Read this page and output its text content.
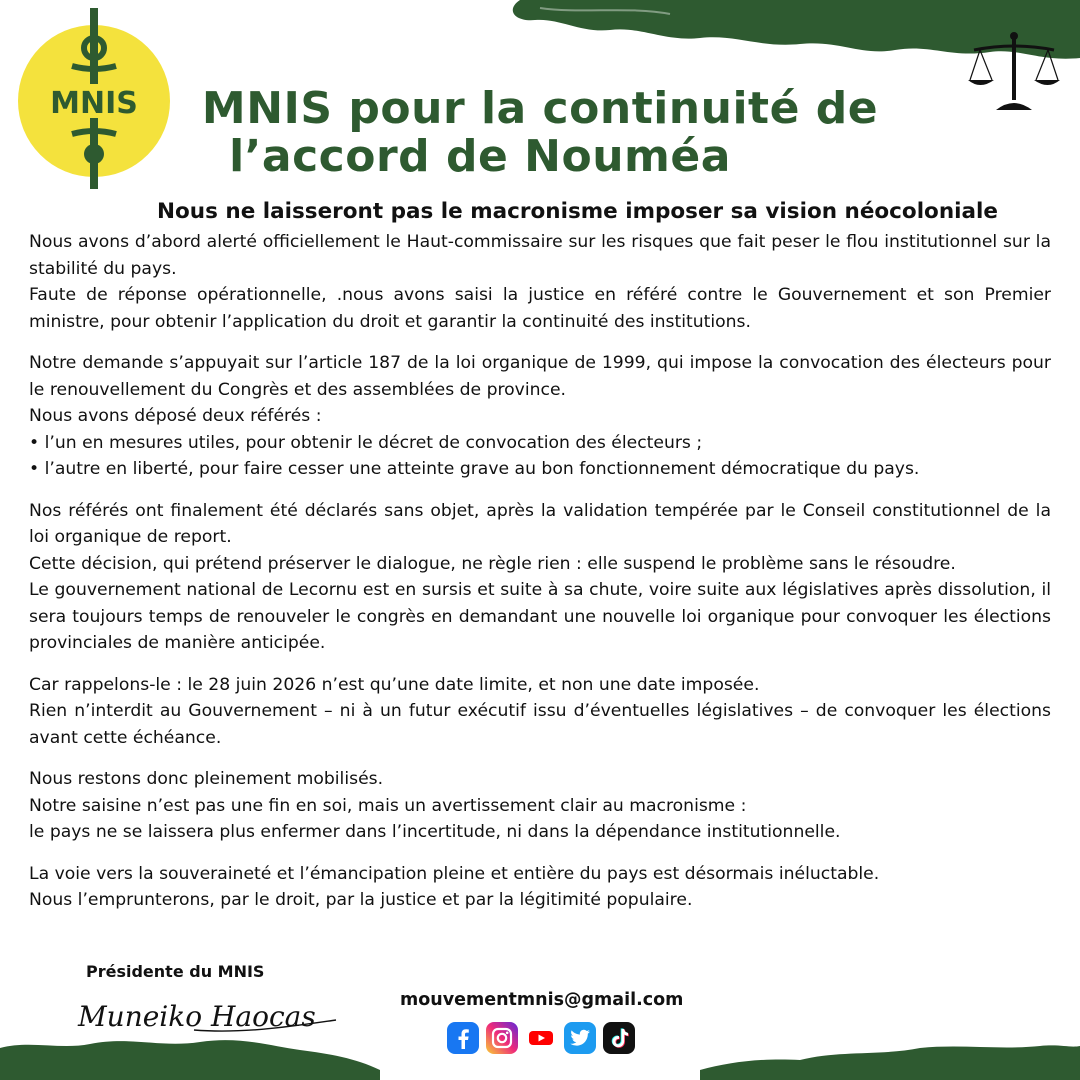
MNIS	MNIS pour la continuité de
l’accord de Nouméa
Nous ne laisseront pas le macronisme imposer sa vision néocoloniale

Nous avons d’abord alerté officiellement le Haut-commissaire sur les risques que fait peser le flou institutionnel sur la stabilité du pays.

Faute de réponse opérationnelle, .nous avons saisi la justice en référé contre le Gouvernement et son Premier ministre, pour obtenir l’application du droit et garantir la continuité des institutions.

Notre demande s’appuyait sur l’article 187 de la loi organique de 1999, qui impose la convocation des électeurs pour le renouvellement du Congrès et des assemblées de province.

Nous avons déposé deux référés :

• l’un en mesures utiles, pour obtenir le décret de convocation des électeurs ;

• l’autre en liberté, pour faire cesser une atteinte grave au bon fonctionnement démocratique du pays.

Nos référés ont finalement été déclarés sans objet, après la validation tempérée par le Conseil constitutionnel de la loi organique de report.

Cette décision, qui prétend préserver le dialogue, ne règle rien : elle suspend le problème sans le résoudre.

Le gouvernement national de Lecornu est en sursis et suite à sa chute, voire suite aux législatives après dissolution, il sera toujours temps de renouveler le congrès en demandant une nouvelle loi organique pour convoquer les élections provinciales de manière anticipée.

Car rappelons-le : le 28 juin 2026 n’est qu’une date limite, et non une date imposée.

Rien n’interdit au Gouvernement – ni à un futur exécutif issu d’éventuelles législatives – de convoquer les élections avant cette échéance.

Nous restons donc pleinement mobilisés.

Notre saisine n’est pas une fin en soi, mais un avertissement clair au macronisme :

le pays ne se laissera plus enfermer dans l’incertitude, ni dans la dépendance institutionnelle.

La voie vers la souveraineté et l’émancipation pleine et entière du pays est désormais inéluctable.

Nous l’emprunterons, par le droit, par la justice et par la légitimité populaire.

Présidente du MNIS
Muneiko Haocas	mouvementmnis@gmail.com
